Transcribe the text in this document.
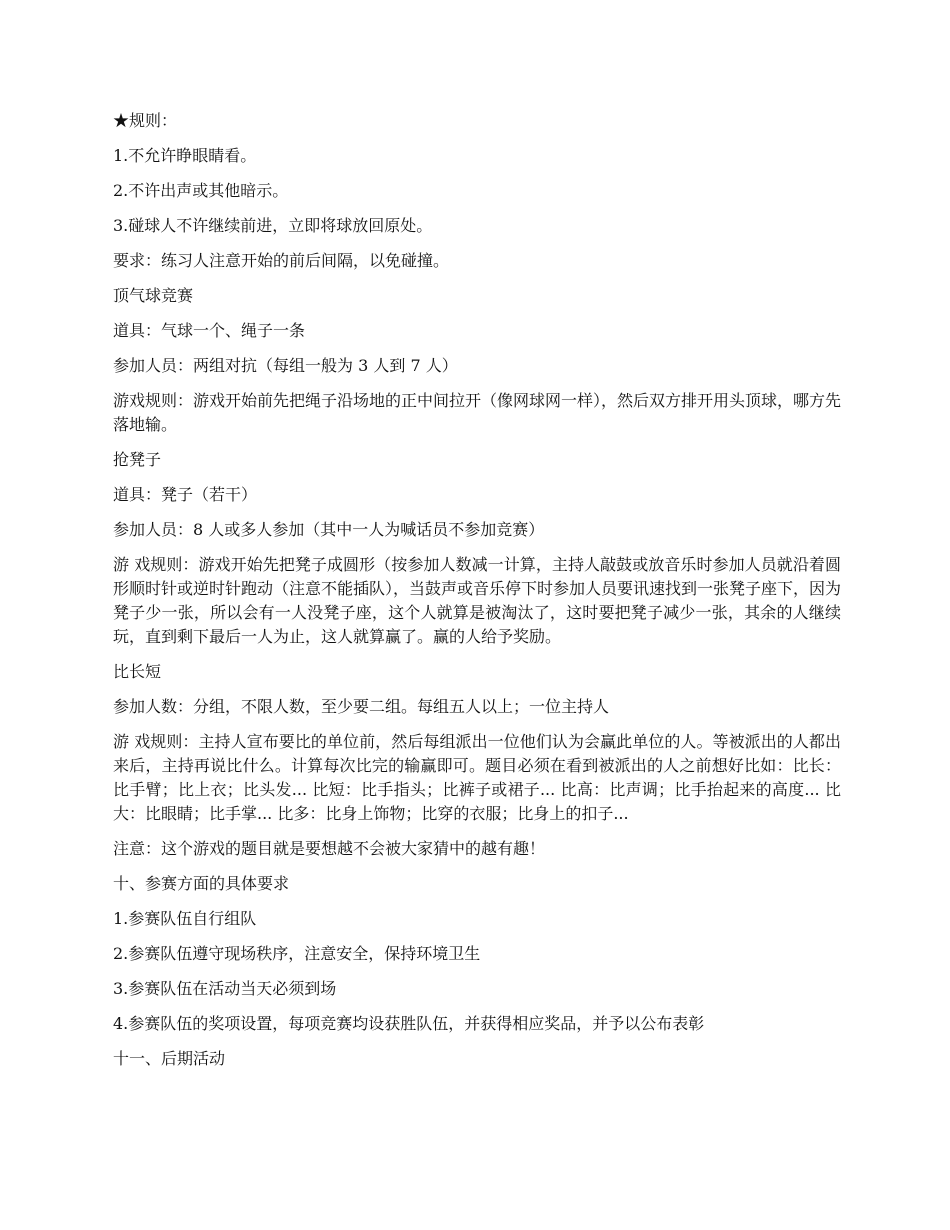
★规则：

1.不允许睁眼睛看。

2.不许出声或其他暗示。

3.碰球人不许继续前进，立即将球放回原处。

要求：练习人注意开始的前后间隔，以免碰撞。

顶气球竞赛

道具：气球一个、绳子一条

参加人员：两组对抗（每组一般为 3 人到 7 人）

游戏规则：游戏开始前先把绳子沿场地的正中间拉开（像网球网一样），然后双方排开用头顶球，哪方先落地输。

抢凳子

道具：凳子（若干）

参加人员：8 人或多人参加（其中一人为喊话员不参加竞赛）

游 戏规则：游戏开始先把凳子成圆形（按参加人数减一计算，主持人敲鼓或放音乐时参加人员就沿着圆形顺时针或逆时针跑动（注意不能插队），当鼓声或音乐停下时参加人员要讯速找到一张凳子座下，因为凳子少一张，所以会有一人没凳子座，这个人就算是被淘汰了，这时要把凳子减少一张，其余的人继续玩，直到剩下最后一人为止，这人就算赢了。赢的人给予奖励。

比长短

参加人数：分组，不限人数，至少要二组。每组五人以上；一位主持人

游 戏规则：主持人宣布要比的单位前，然后每组派出一位他们认为会赢此单位的人。等被派出的人都出来后，主持再说比什么。计算每次比完的输赢即可。题目必须在看到被派出的人之前想好比如：比长：比手臂；比上衣；比头发... 比短：比手指头；比裤子或裙子... 比高：比声调；比手抬起来的高度... 比大：比眼睛；比手掌... 比多：比身上饰物；比穿的衣服；比身上的扣子...

注意：这个游戏的题目就是要想越不会被大家猜中的越有趣！

十、参赛方面的具体要求

1.参赛队伍自行组队

2.参赛队伍遵守现场秩序，注意安全，保持环境卫生

3.参赛队伍在活动当天必须到场

4.参赛队伍的奖项设置，每项竞赛均设获胜队伍，并获得相应奖品，并予以公布表彰

十一、后期活动
